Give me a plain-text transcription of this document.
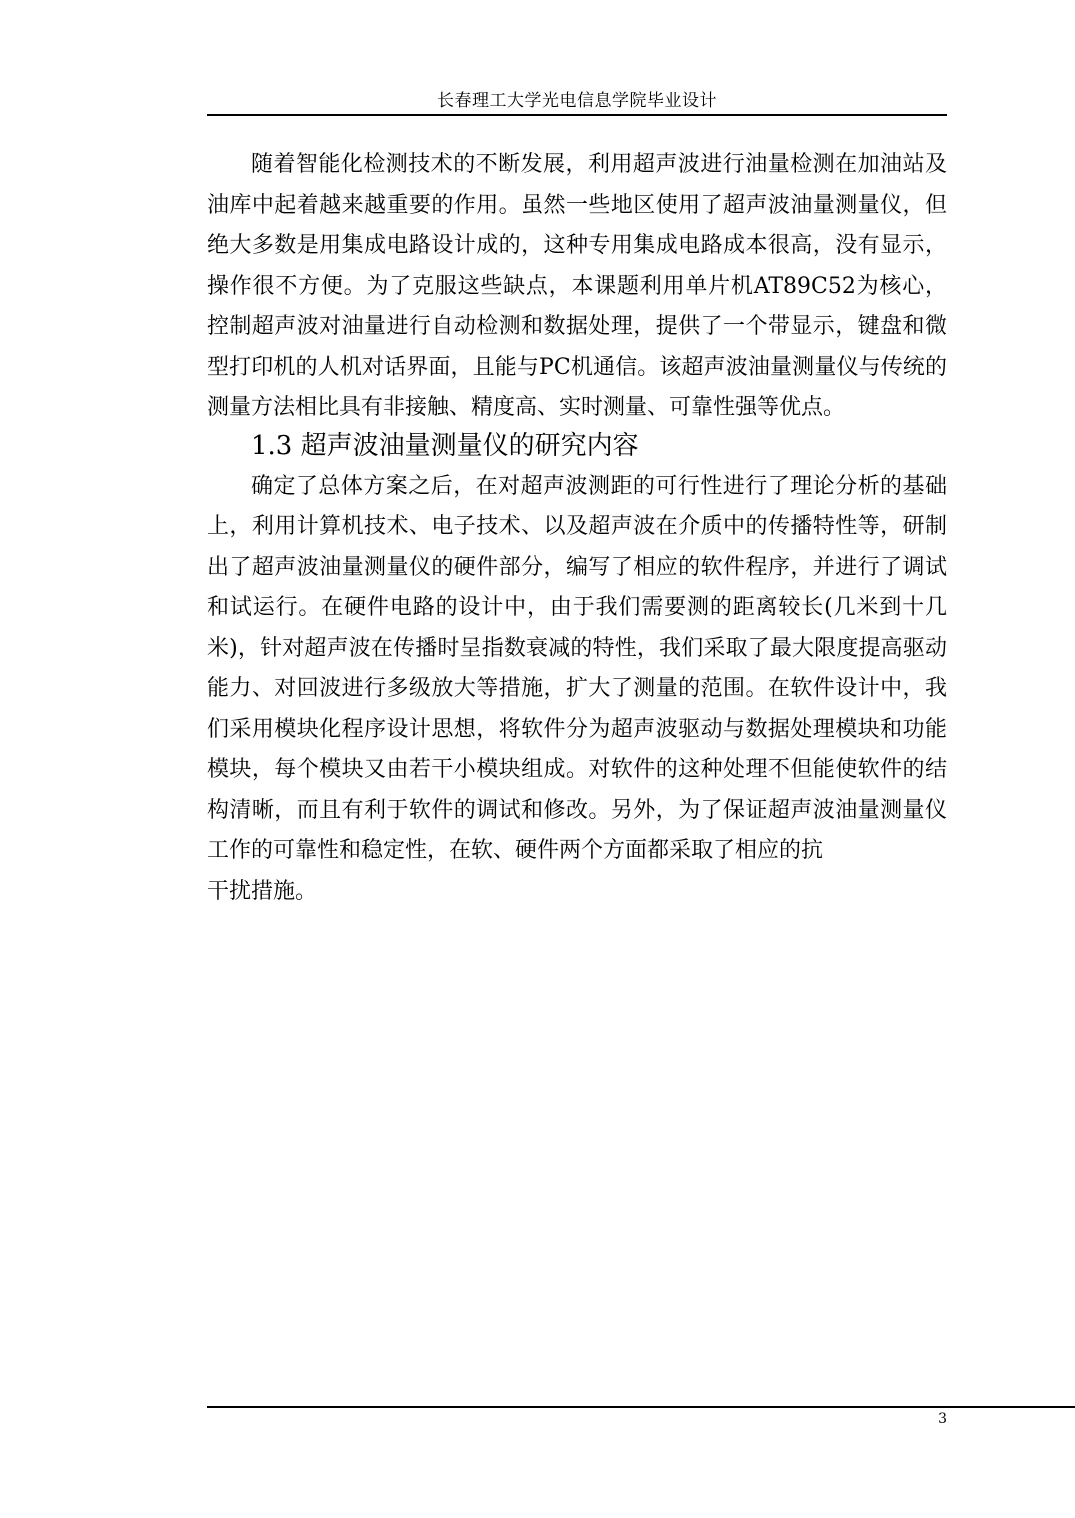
长春理工大学光电信息学院毕业设计

随着智能化检测技术的不断发展，利用超声波进行油量检测在加油站及油库中起着越来越重要的作用。虽然一些地区使用了超声波油量测量仪，但绝大多数是用集成电路设计成的，这种专用集成电路成本很高，没有显示，操作很不方便。为了克服这些缺点，本课题利用单片机AT89C52为核心，控制超声波对油量进行自动检测和数据处理，提供了一个带显示，键盘和微型打印机的人机对话界面，且能与PC机通信。该超声波油量测量仪与传统的测量方法相比具有非接触、精度高、实时测量、可靠性强等优点。

1.3 超声波油量测量仪的研究内容

确定了总体方案之后，在对超声波测距的可行性进行了理论分析的基础上，利用计算机技术、电子技术、以及超声波在介质中的传播特性等，研制出了超声波油量测量仪的硬件部分，编写了相应的软件程序，并进行了调试和试运行。在硬件电路的设计中，由于我们需要测的距离较长(几米到十几米)，针对超声波在传播时呈指数衰减的特性，我们采取了最大限度提高驱动能力、对回波进行多级放大等措施，扩大了测量的范围。在软件设计中，我们采用模块化程序设计思想，将软件分为超声波驱动与数据处理模块和功能模块，每个模块又由若干小模块组成。对软件的这种处理不但能使软件的结构清晰，而且有利于软件的调试和修改。另外，为了保证超声波油量测量仪工作的可靠性和稳定性，在软、硬件两个方面都采取了相应的抗

干扰措施。

3
